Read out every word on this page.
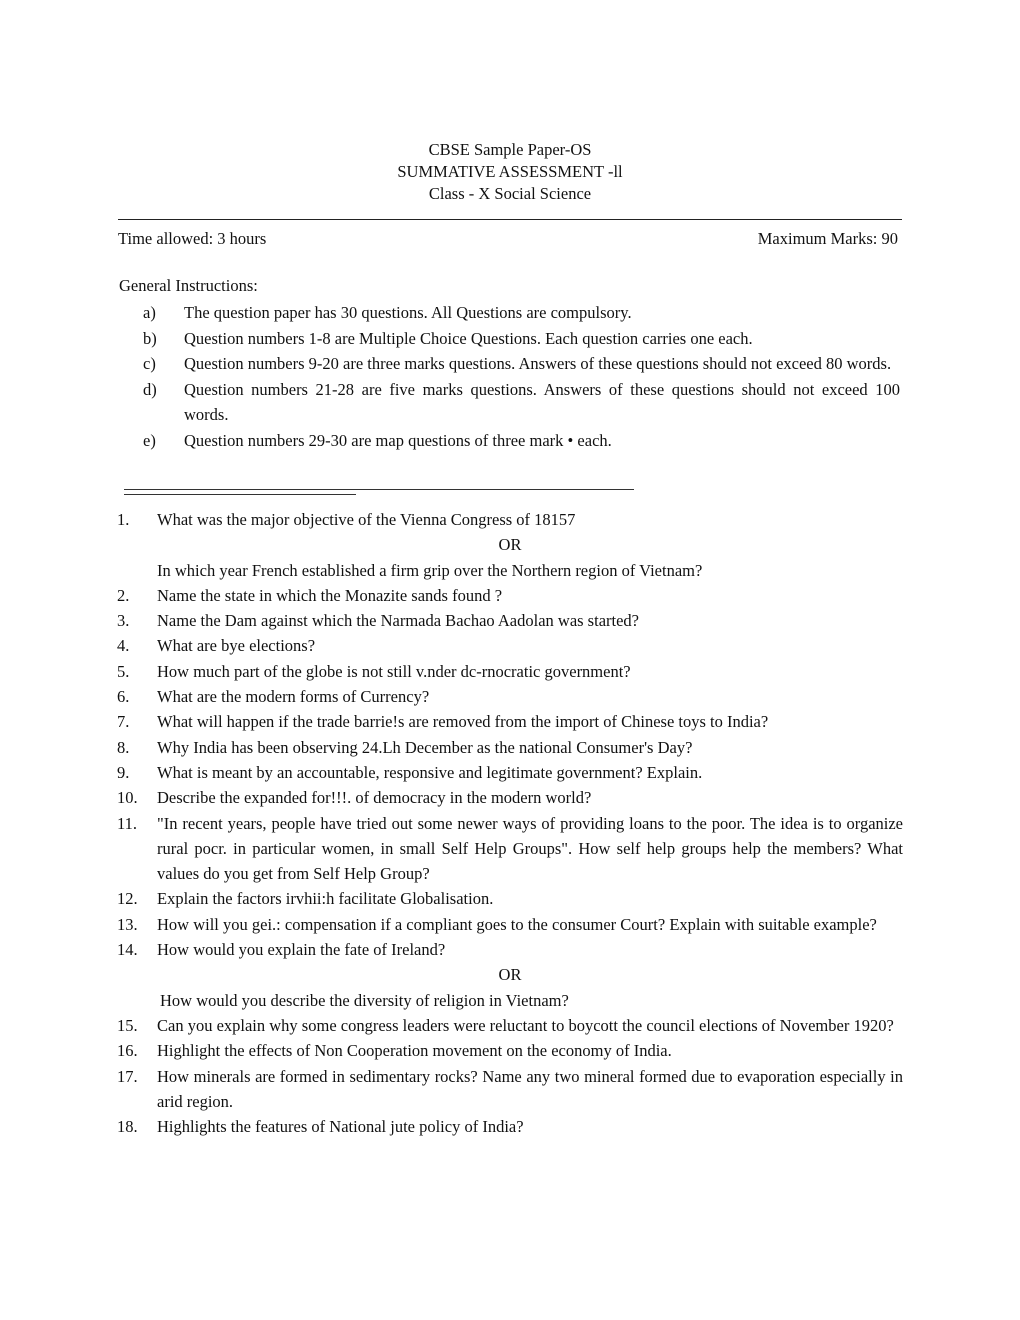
CBSE Sample Paper-OS
SUMMATIVE ASSESSMENT -ll
Class - X Social Science
Time allowed: 3 hours	Maximum Marks: 90
General Instructions:
a)	The question paper has 30 questions. All Questions are compulsory.
b)	Question numbers 1-8 are Multiple Choice Questions. Each question carries one each.
c)	Question numbers 9-20 are three marks questions. Answers of these questions should not exceed 80 words.
d)	Question numbers 21-28 are five marks questions. Answers of these questions should not exceed 100 words.
e)	Question numbers 29-30 are map questions of three mark • each.
1.	What was the major objective of the Vienna Congress of 18157
OR
In which year French established a firm grip over the Northern region of Vietnam?
2.	Name the state in which the Monazite sands found ?
3.	Name the Dam against which the Narmada Bachao Aadolan was started?
4.	What are bye elections?
5.	How much part of the globe is not still v.nder dc-rnocratic government?
6.	What are the modern forms of Currency?
7.	What will happen if the trade barrie!s are removed from the import of Chinese toys to India?
8.	Why India has been observing 24.Lh December as the national Consumer's Day?
9.	What is meant by an accountable, responsive and legitimate government? Explain.
10.	Describe the expanded for!!!. of democracy in the modern world?
11.	"In recent years, people have tried out some newer ways of providing loans to the poor. The idea is to organize rural pocr. in particular women, in small Self Help Groups". How self help groups help the members? What values do you get from Self Help Group?
12.	Explain the factors irvhii:h facilitate Globalisation.
13.	How will you gei.: compensation if a compliant goes to the consumer Court? Explain with suitable example?
14.	How would you explain the fate of Ireland?
OR
How would you describe the diversity of religion in Vietnam?
15.	Can you explain why some congress leaders were reluctant to boycott the council elections of November 1920?
16.	Highlight the effects of Non Cooperation movement on the economy of India.
17.	How minerals are formed in sedimentary rocks? Name any two mineral formed due to evaporation especially in arid region.
18.	Highlights the features of National jute policy of India?
